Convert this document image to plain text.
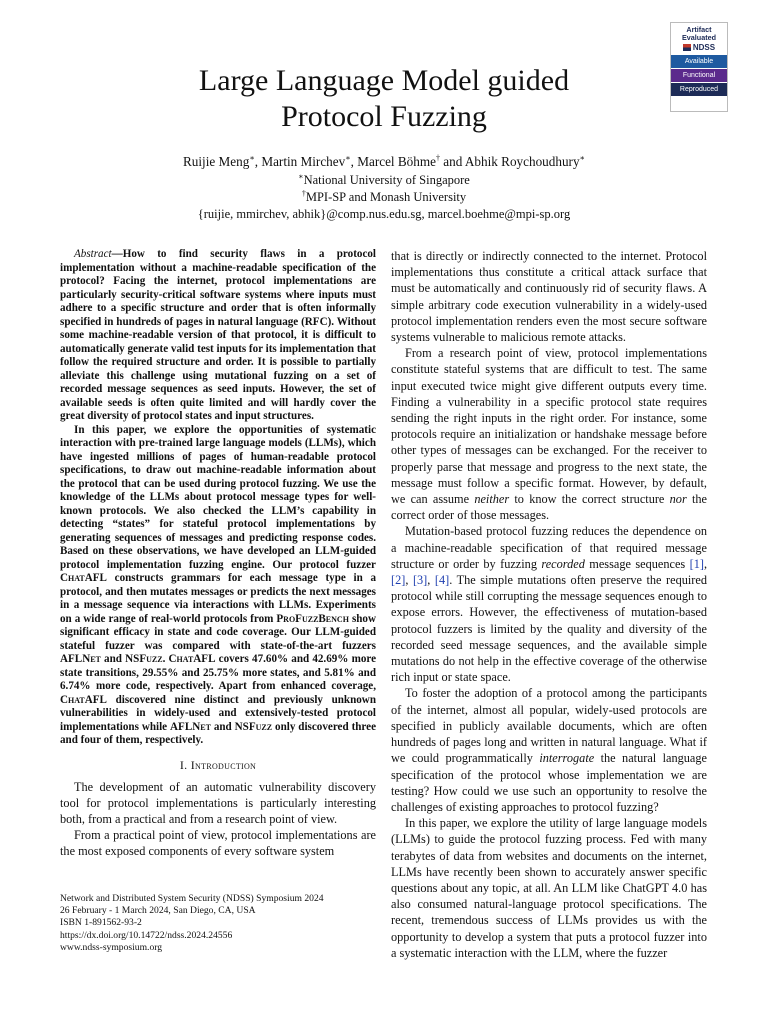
Artifact
Evaluated
NDSS
Available
Functional
Reproduced
Large Language Model guided
Protocol Fuzzing
Ruijie Meng∗, Martin Mirchev∗, Marcel Böhme† and Abhik Roychoudhury∗
∗National University of Singapore
†MPI-SP and Monash University
{ruijie, mmirchev, abhik}@comp.nus.edu.sg, marcel.boehme@mpi-sp.org

Abstract—How to find security flaws in a protocol implementation without a machine-readable specification of the protocol? Facing the internet, protocol implementations are particularly security-critical software systems where inputs must adhere to a specific structure and order that is often informally specified in hundreds of pages in natural language (RFC). Without some machine-readable version of that protocol, it is difficult to automatically generate valid test inputs for its implementation that follow the required structure and order. It is possible to partially alleviate this challenge using mutational fuzzing on a set of recorded message sequences as seed inputs. However, the set of available seeds is often quite limited and will hardly cover the great diversity of protocol states and input structures.

In this paper, we explore the opportunities of systematic interaction with pre-trained large language models (LLMs), which have ingested millions of pages of human-readable protocol specifications, to draw out machine-readable information about the protocol that can be used during protocol fuzzing. We use the knowledge of the LLMs about protocol message types for well-known protocols. We also checked the LLM’s capability in detecting “states” for stateful protocol implementations by generating sequences of messages and predicting response codes. Based on these observations, we have developed an LLM-guided protocol implementation fuzzing engine. Our protocol fuzzer ChatAFL constructs grammars for each message type in a protocol, and then mutates messages or predicts the next messages in a message sequence via interactions with LLMs. Experiments on a wide range of real-world protocols from ProFuzzBench show significant efficacy in state and code coverage. Our LLM-guided stateful fuzzer was compared with state-of-the-art fuzzers AFLNet and NSFuzz. ChatAFL covers 47.60% and 42.69% more state transitions, 29.55% and 25.75% more states, and 5.81% and 6.74% more code, respectively. Apart from enhanced coverage, ChatAFL discovered nine distinct and previously unknown vulnerabilities in widely-used and extensively-tested protocol implementations while AFLNet and NSFuzz only discovered three and four of them, respectively.

I. Introduction

The development of an automatic vulnerability discovery tool for protocol implementations is particularly interesting both, from a practical and from a research point of view.

From a practical point of view, protocol implementations are the most exposed components of every software system

that is directly or indirectly connected to the internet. Protocol implementations thus constitute a critical attack surface that must be automatically and continuously rid of security flaws. A simple arbitrary code execution vulnerability in a widely-used protocol implementation renders even the most secure software systems vulnerable to malicious remote attacks.

From a research point of view, protocol implementations constitute stateful systems that are difficult to test. The same input executed twice might give different outputs every time. Finding a vulnerability in a specific protocol state requires sending the right inputs in the right order. For instance, some protocols require an initialization or handshake message before other types of messages can be exchanged. For the receiver to properly parse that message and progress to the next state, the message must follow a specific format. However, by default, we can assume neither to know the correct structure nor the correct order of those messages.

Mutation-based protocol fuzzing reduces the dependence on a machine-readable specification of that required message structure or order by fuzzing recorded message sequences [1], [2], [3], [4]. The simple mutations often preserve the required protocol while still corrupting the message sequences enough to expose errors. However, the effectiveness of mutation-based protocol fuzzers is limited by the quality and diversity of the recorded seed message sequences, and the available simple mutations do not help in the effective coverage of the otherwise rich input or state space.

To foster the adoption of a protocol among the participants of the internet, almost all popular, widely-used protocols are specified in publicly available documents, which are often hundreds of pages long and written in natural language. What if we could programmatically interrogate the natural language specification of the protocol whose implementation we are testing? How could we use such an opportunity to resolve the challenges of existing approaches to protocol fuzzing?

In this paper, we explore the utility of large language models (LLMs) to guide the protocol fuzzing process. Fed with many terabytes of data from websites and documents on the internet, LLMs have recently been shown to accurately answer specific questions about any topic, at all. An LLM like ChatGPT 4.0 has also consumed natural-language protocol specifications. The recent, tremendous success of LLMs provides us with the opportunity to develop a system that puts a protocol fuzzer into a systematic interaction with the LLM, where the fuzzer

Network and Distributed System Security (NDSS) Symposium 2024
26 February - 1 March 2024, San Diego, CA, USA
ISBN 1-891562-93-2
https://dx.doi.org/10.14722/ndss.2024.24556
www.ndss-symposium.org
